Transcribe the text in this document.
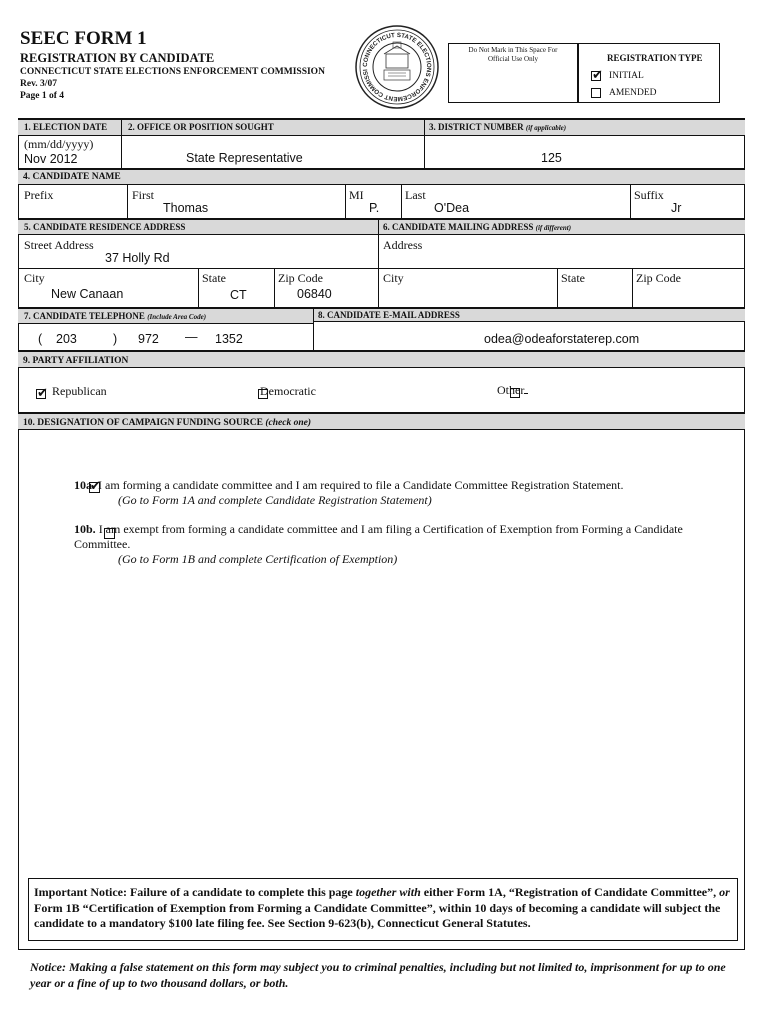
SEEC FORM 1
REGISTRATION BY CANDIDATE
CONNECTICUT STATE ELECTIONS ENFORCEMENT COMMISSION
Rev. 3/07
Page 1 of 4
CONNECTICUT STATE ELECTIONS ENFORCEMENT COMMISSI
Do Not Mark in This Space For Official Use Only	REGISTRATION TYPE
✔
INITIAL
AMENDED
1. ELECTION DATE 2. OFFICE OR POSITION SOUGHT	3. DISTRICT NUMBER (if applicable)
(mm/dd/yyyy)
Nov 2012	State Representative	125
4. CANDIDATE NAME
Prefix	First
Thomas
MI
P.
Last
O'Dea
Suffix
Jr
5. CANDIDATE RESIDENCE ADDRESS	6. CANDIDATE MAILING ADDRESS (if different)
Street Address
37 Holly Rd
Address
City
New Canaan
State
CT
Zip Code
06840
City	State	Zip Code
7. CANDIDATE TELEPHONE (Include Area Code)	8. CANDIDATE E-MAIL ADDRESS
( 203	) 972 — 1352	odea@odeaforstaterep.com
9. PARTY AFFILIATION
✔
Republican
	Democratic
	Other
10. DESIGNATION OF CAMPAIGN FUNDING SOURCE (check one)
✔
10a. I am forming a candidate committee and I am required to file a Candidate Committee Registration Statement.
(Go to Form 1A and complete Candidate Registration Statement)
10b. I am exempt from forming a candidate committee and I am filing a Certification of Exemption from Forming a Candidate Committee.
(Go to Form 1B and complete Certification of Exemption)
Important Notice: Failure of a candidate to complete this page together with either Form 1A, “Registration of Candidate Committee”, or Form 1B “Certification of Exemption from Forming a Candidate Committee”, within 10 days of becoming a candidate will subject the candidate to a mandatory $100 late filing fee. See Section 9-623(b), Connecticut General Statutes.
Notice: Making a false statement on this form may subject you to criminal penalties, including but not limited to, imprisonment for up to one year or a fine of up to two thousand dollars, or both.
